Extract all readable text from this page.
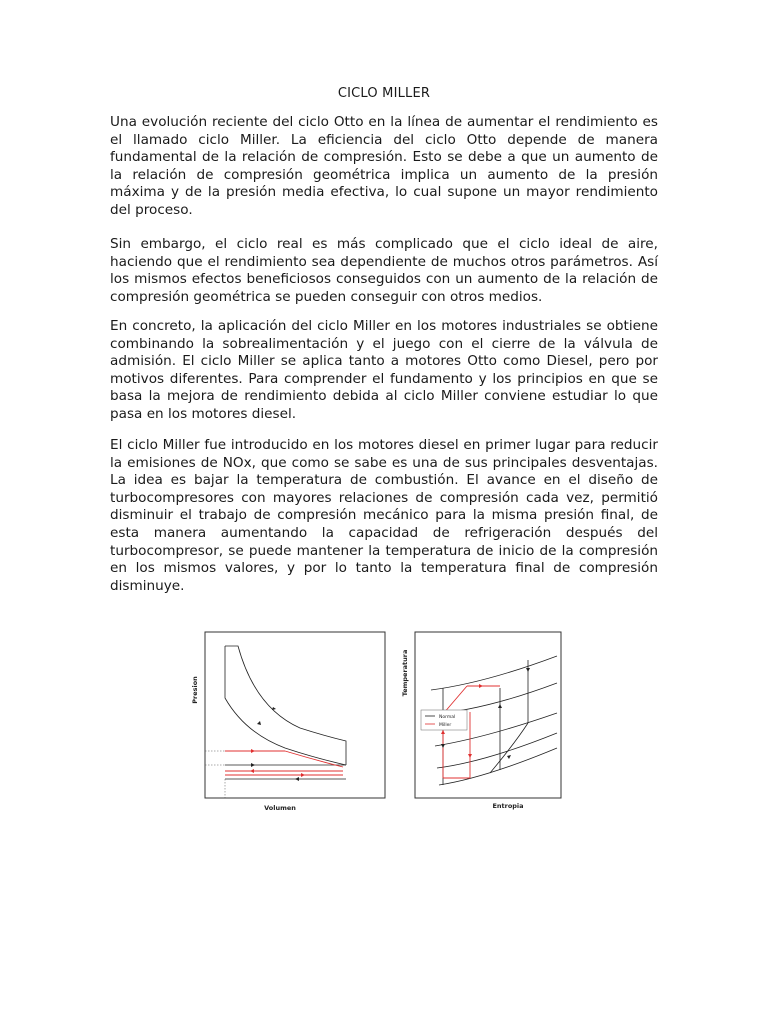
CICLO MILLER

Una evolución reciente del ciclo Otto en la línea de aumentar el rendimiento es el llamado ciclo Miller. La eficiencia del ciclo Otto depende de manera fundamental de la relación de compresión. Esto se debe a que un aumento de la relación de compresión geométrica implica un aumento de la presión máxima y de la presión media efectiva, lo cual supone un mayor rendimiento del proceso.

Sin embargo, el ciclo real es más complicado que el ciclo ideal de aire, haciendo que el rendimiento sea dependiente de muchos otros parámetros. Así los mismos efectos beneficiosos conseguidos con un aumento de la relación de compresión geométrica se pueden conseguir con otros medios.

En concreto, la aplicación del ciclo Miller en los motores industriales se obtiene combinando la sobrealimentación y el juego con el cierre de la válvula de admisión. El ciclo Miller se aplica tanto a motores Otto como Diesel, pero por motivos diferentes. Para comprender el fundamento y los principios en que se basa la mejora de rendimiento debida al ciclo Miller conviene estudiar lo que pasa en los motores diesel.

El ciclo Miller fue introducido en los motores diesel en primer lugar para reducir la emisiones de NOx, que como se sabe es una de sus principales desventajas. La idea es bajar la temperatura de combustión. El avance en el diseño de turbocompresores con mayores relaciones de compresión cada vez, permitió disminuir el trabajo de compresión mecánico para la misma presión final, de esta manera aumentando la capacidad de refrigeración después del turbocompresor, se puede mantener la temperatura de inicio de la compresión en los mismos valores, y por lo tanto la temperatura final de compresión disminuye.

Presion
Volumen
Temperatura
Entropia
Normal
Miller
